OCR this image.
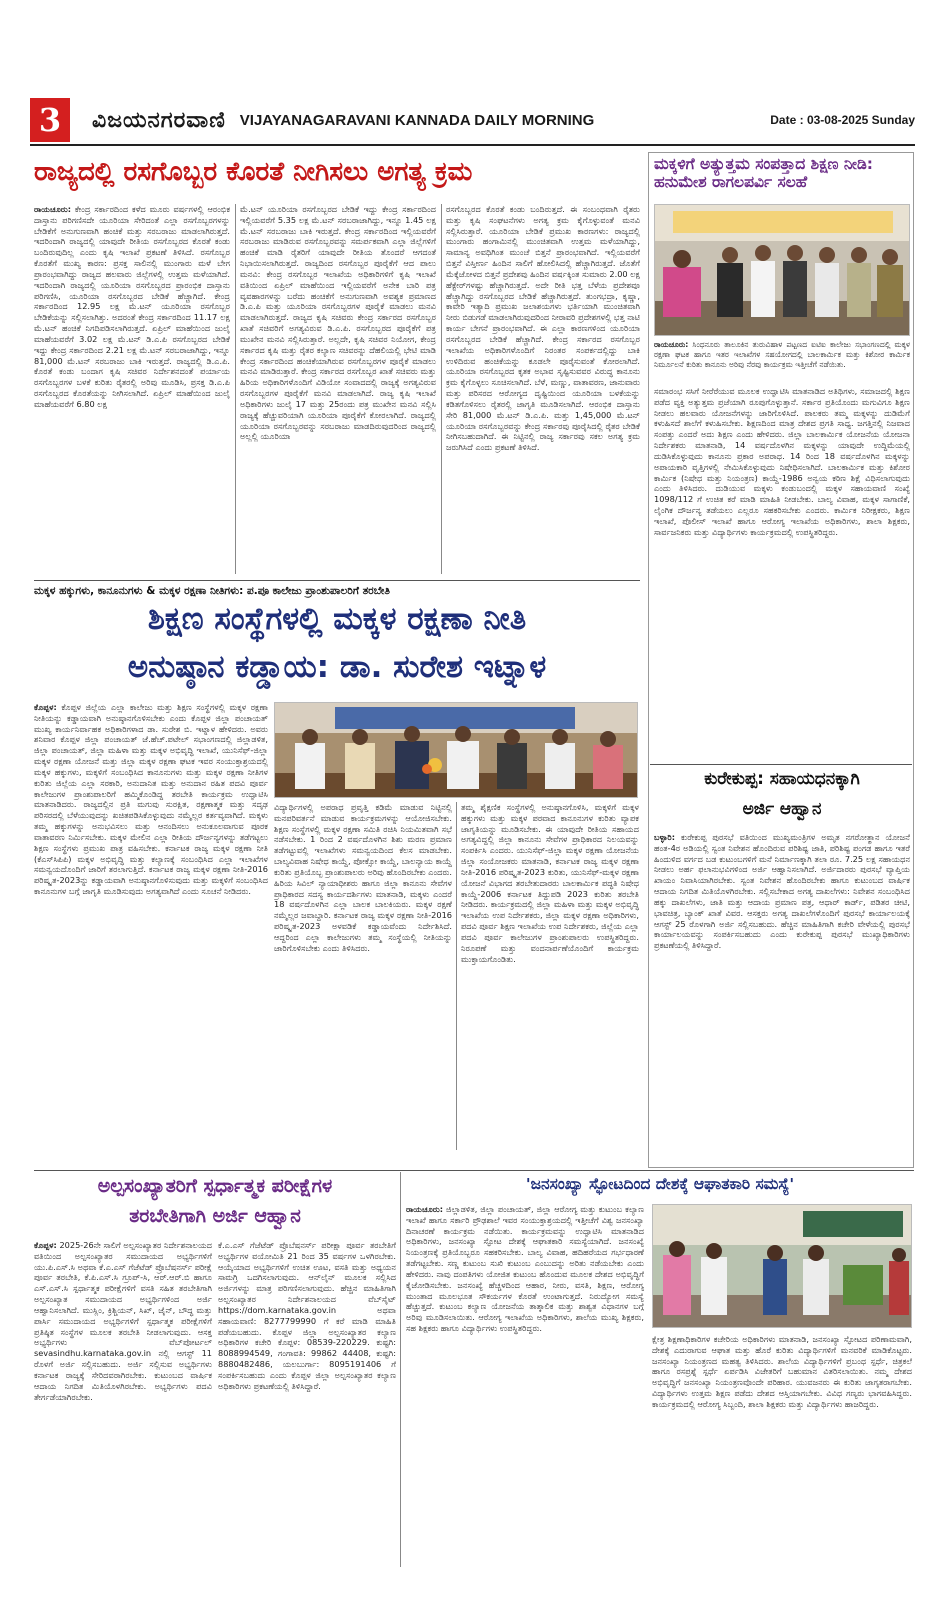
3	ವಿಜಯನಗರವಾಣಿ VIJAYANAGARAVANI KANNADA DAILY MORNING	Date : 03-08-2025 Sunday
ರಾಜ್ಯದಲ್ಲಿ ರಸಗೊಬ್ಬರ ಕೊರತೆ ನೀಗಿಸಲು ಅಗತ್ಯ ಕ್ರಮ
ರಾಯಚೂರು: ಕೇಂದ್ರ ಸರ್ಕಾರದಿಂದ ಕಳೆದ ಮೂರು ವರ್ಷಗಳಲ್ಲಿ ಆರಂಭಿಕ ದಾಸ್ತಾನು ಪರಿಗಣಿಸದೇ ಯೂರಿಯಾ ಸೇರಿದಂತೆ ಎಲ್ಲಾ ರಸಗೊಬ್ಬರಗಳನ್ನು ಬೇಡಿಕೆಗೆ ಅನುಗುಣವಾಗಿ ಹಂಚಿಕೆ ಮತ್ತು ಸರಬರಾಜು ಮಾಡಲಾಗಿರುತ್ತದೆ. ಇದರಿಂದಾಗಿ ರಾಜ್ಯದಲ್ಲಿ ಯಾವುದೇ ರೀತಿಯ ರಸಗೊಬ್ಬರದ ಕೊರತೆ ಕಂಡು ಬಂದಿರುವುದಿಲ್ಲ ಎಂದು ಕೃಷಿ ಇಲಾಖೆ ಪ್ರಕಟಣೆ ತಿಳಿಸಿದೆ. ರಸಗೊಬ್ಬರ ಕೊರತೆಗೆ ಮುಖ್ಯ ಕಾರಣ: ಪ್ರಸಕ್ತ ಸಾಲಿನಲ್ಲಿ ಮುಂಗಾರು ಮಳೆ ಬೇಗ ಪ್ರಾರಂಭವಾಗಿದ್ದು ರಾಜ್ಯದ ಹಲವಾರು ಜಿಲ್ಲೆಗಳಲ್ಲಿ ಉತ್ತಮ ಮಳೆಯಾಗಿದೆ. ಇದರಿಂದಾಗಿ ರಾಜ್ಯದಲ್ಲಿ ಯೂರಿಯಾ ರಸಗೊಬ್ಬರದ ಪ್ರಾರಂಭಿಕ ದಾಸ್ತಾನು ಪರಿಗಣಿಸಿ, ಯೂರಿಯಾ ರಸಗೊಬ್ಬರದ ಬೇಡಿಕೆ ಹೆಚ್ಚಾಗಿದೆ. ಕೇಂದ್ರ ಸರ್ಕಾರದಿಂದ 12.95 ಲಕ್ಷ ಮೆ.ಟನ್ ಯೂರಿಯಾ ರಸಗೊಬ್ಬರ ಬೇಡಿಕೆಯನ್ನು ಸಲ್ಲಿಸಲಾಗಿತ್ತು. ಅದರಂತೆ ಕೇಂದ್ರ ಸರ್ಕಾರದಿಂದ 11.17 ಲಕ್ಷ ಮೆ.ಟನ್ ಹಂಚಿಕೆ ನಿಗದಿಪಡಿಸಲಾಗಿರುತ್ತದೆ. ಏಪ್ರಿಲ್ ಮಾಹೆಯಿಂದ ಜುಲೈ ಮಾಹೆಯವರೆಗೆ 3.02 ಲಕ್ಷ ಮೆ.ಟನ್ ಡಿ.ಎ.ಪಿ ರಸಗೊಬ್ಬರದ ಬೇಡಿಕೆ ಇದ್ದು ಕೇಂದ್ರ ಸರ್ಕಾರದಿಂದ 2.21 ಲಕ್ಷ ಮೆ.ಟನ್ ಸರಬರಾಜಾಗಿದ್ದು, ಇನ್ನೂ 81,000 ಮೆ.ಟನ್ ಸರಬರಾಜು ಬಾಕಿ ಇರುತ್ತದೆ. ರಾಜ್ಯದಲ್ಲಿ ಡಿ.ಎ.ಪಿ. ಕೊರತೆ ಕಂಡು ಬಂದಾಗ ಕೃಷಿ ಸಚಿವರ ನಿರ್ದೇಶನದಂತೆ ಪರ್ಯಾಯ ರಸಗೊಬ್ಬರಗಳ ಬಳಕೆ ಕುರಿತು ರೈತರಲ್ಲಿ ಅರಿವು ಮೂಡಿಸಿ, ಪ್ರಸಕ್ತ ಡಿ.ಎ.ಪಿ ರಸಗೊಬ್ಬರದ ಕೊರತೆಯನ್ನು ನೀಗಿಸಲಾಗಿದೆ. ಏಪ್ರಿಲ್ ಮಾಹೆಯಿಂದ ಜುಲೈ ಮಾಹೆಯವರೆಗೆ 6.80 ಲಕ್ಷ
ಮೆ.ಟನ್ ಯೂರಿಯಾ ರಸಗೊಬ್ಬರದ ಬೇಡಿಕೆ ಇದ್ದು ಕೇಂದ್ರ ಸರ್ಕಾರದಿಂದ ಇಲ್ಲಿಯವರೆಗೆ 5.35 ಲಕ್ಷ ಮೆ.ಟನ್ ಸರಬರಾಜಾಗಿದ್ದು, ಇನ್ನೂ 1.45 ಲಕ್ಷ ಮೆ.ಟನ್ ಸರಬರಾಜು ಬಾಕಿ ಇರುತ್ತದೆ. ಕೇಂದ್ರ ಸರ್ಕಾರದಿಂದ ಇಲ್ಲಿಯವರೆಗೆ ಸರಬರಾಜು ಮಾಡಿರುವ ರಸಗೊಬ್ಬರವನ್ನು ಸಮರ್ಪಕವಾಗಿ ಎಲ್ಲಾ ಜಿಲ್ಲೆಗಳಿಗೆ ಹಂಚಿಕೆ ಮಾಡಿ ರೈತರಿಗೆ ಯಾವುದೇ ರೀತಿಯ ತೊಂದರೆ ಆಗದಂತೆ ನಿಭಾಯಿಸಲಾಗಿರುತ್ತದೆ. ರಾಜ್ಯದಿಂದ ರಸಗೊಬ್ಬರ ಪೂರೈಕೆಗೆ ಆದ ಪಾಲು ಮನವಿ: ಕೇಂದ್ರ ರಸಗೊಬ್ಬರ ಇಲಾಖೆಯ ಅಧಿಕಾರಿಗಳಿಗೆ ಕೃಷಿ ಇಲಾಖೆ ವತಿಯಿಂದ ಏಪ್ರಿಲ್ ಮಾಹೆಯಿಂದ ಇಲ್ಲಿಯವರೆಗೆ ಅನೇಕ ಬಾರಿ ಪತ್ರ ವ್ಯವಹಾರಗಳನ್ನು ಬರೆದು ಹಂಚಿಕೆಗೆ ಅನುಗುಣವಾಗಿ ಅವಶ್ಯಕ ಪ್ರಮಾಣದ ಡಿ.ಎ.ಪಿ ಮತ್ತು ಯೂರಿಯಾ ರಸಗೊಬ್ಬರಗಳ ಪೂರೈಕೆ ಮಾಡಲು ಮನವಿ ಮಾಡಲಾಗಿರುತ್ತದೆ. ರಾಜ್ಯದ ಕೃಷಿ ಸಚಿವರು ಕೇಂದ್ರ ಸರ್ಕಾರದ ರಸಗೊಬ್ಬರ ಖಾತೆ ಸಚಿವರಿಗೆ ಅಗತ್ಯವಿರುವ ಡಿ.ಎ.ಪಿ. ರಸಗೊಬ್ಬರದ ಪೂರೈಕೆಗೆ ಪತ್ರ ಮುಖೇನ ಮನವಿ ಸಲ್ಲಿಸಿರುತ್ತಾರೆ. ಅಲ್ಲದೇ, ಕೃಷಿ ಸಚಿವರ ನಿಯೋಗ, ಕೇಂದ್ರ ಸರ್ಕಾರದ ಕೃಷಿ ಮತ್ತು ರೈತರ ಕಲ್ಯಾಣ ಸಚಿವರನ್ನು ದೆಹಲಿಯಲ್ಲಿ ಭೇಟಿ ಮಾಡಿ ಕೇಂದ್ರ ಸರ್ಕಾರದಿಂದ ಹಂಚಿಕೆಯಾಗಿರುವ ರಸಗೊಬ್ಬರಗಳ ಪೂರೈಕೆ ಮಾಡಲು ಮನವಿ ಮಾಡಿರುತ್ತಾರೆ. ಕೇಂದ್ರ ಸರ್ಕಾರದ ರಸಗೊಬ್ಬರ ಖಾತೆ ಸಚಿವರು ಮತ್ತು ಹಿರಿಯ ಅಧಿಕಾರಿಗಳೊಂದಿಗೆ ವಿಡಿಯೋ ಸಂವಾದದಲ್ಲಿ ರಾಜ್ಯಕ್ಕೆ ಅಗತ್ಯವಿರುವ ರಸಗೊಬ್ಬರಗಳ ಪೂರೈಕೆಗೆ ಮನವಿ ಮಾಡಲಾಗಿದೆ. ರಾಜ್ಯ ಕೃಷಿ ಇಲಾಖೆ ಅಧಿಕಾರಿಗಳು ಜುಲೈ 17 ಮತ್ತು 25ರಂದು ಪತ್ರ ಮುಖೇನ ಮನವಿ ಸಲ್ಲಿಸಿ ರಾಜ್ಯಕ್ಕೆ ಹೆಚ್ಚುವರಿಯಾಗಿ ಯೂರಿಯಾ ಪೂರೈಕೆಗೆ ಕೋರಲಾಗಿದೆ. ರಾಜ್ಯದಲ್ಲಿ ಯೂರಿಯಾ ರಸಗೊಬ್ಬರವನ್ನು ಸರಬರಾಜು ಮಾಡದಿರುವುದರಿಂದ ರಾಜ್ಯದಲ್ಲಿ ಅಲ್ಲಲ್ಲಿ ಯೂರಿಯಾ
ರಸಗೊಬ್ಬರದ ಕೊರತೆ ಕಂಡು ಬಂದಿರುತ್ತದೆ. ಈ ಸಂಬಂಧವಾಗಿ ರೈತರು ಮತ್ತು ಕೃಷಿ ಸಂಘಟನೆಗಳು ಅಗತ್ಯ ಕ್ರಮ ಕೈಗೊಳ್ಳುವಂತೆ ಮನವಿ ಸಲ್ಲಿಸಿರುತ್ತಾರೆ. ಯೂರಿಯಾ ಬೇಡಿಕೆ ಪ್ರಮುಖ ಕಾರಣಗಳು: ರಾಜ್ಯದಲ್ಲಿ ಮುಂಗಾರು ಹಂಗಾಮಿನಲ್ಲಿ ಮುಂಚಿತವಾಗಿ ಉತ್ತಮ ಮಳೆಯಾಗಿದ್ದು, ಸಾಮಾನ್ಯ ಅವಧಿಗಿಂತ ಮುಂಚೆ ಬಿತ್ತನೆ ಪ್ರಾರಂಭವಾಗಿದೆ. ಇಲ್ಲಿಯವರೆಗೆ ಬಿತ್ತನೆ ವಿಸ್ತೀರ್ಣ ಹಿಂದಿನ ಸಾಲಿಗೆ ಹೋಲಿಸಿದಲ್ಲಿ ಹೆಚ್ಚಾಗಿರುತ್ತದೆ. ಜೊತೆಗೆ ಮೆಕ್ಕೆಜೋಳದ ಬಿತ್ತನೆ ಪ್ರದೇಶವು ಹಿಂದಿನ ವರ್ಷಕ್ಕಿಂತ ಸುಮಾರು 2.00 ಲಕ್ಷ ಹೆಕ್ಟೇರ್‌ಗಳಷ್ಟು ಹೆಚ್ಚಾಗಿರುತ್ತದೆ. ಅದೇ ರೀತಿ ಭತ್ತ ಬೆಳೆಯ ಪ್ರದೇಶವೂ ಹೆಚ್ಚಾಗಿದ್ದು ರಸಗೊಬ್ಬರದ ಬೇಡಿಕೆ ಹೆಚ್ಚಾಗಿರುತ್ತದೆ. ತುಂಗಭದ್ರಾ, ಕೃಷ್ಣಾ, ಕಾವೇರಿ ಇತ್ಯಾದಿ ಪ್ರಮುಖ ಜಲಾಶಯಗಳು ಭರ್ತಿಯಾಗಿ ಮುಂಚಿತವಾಗಿ ನೀರು ಬಿಡುಗಡೆ ಮಾಡಲಾಗಿರುವುದರಿಂದ ನೀರಾವರಿ ಪ್ರದೇಶಗಳಲ್ಲಿ ಭತ್ತ ನಾಟಿ ಕಾರ್ಯ ಬೇಗನೆ ಪ್ರಾರಂಭವಾಗಿದೆ. ಈ ಎಲ್ಲಾ ಕಾರಣಗಳಿಂದ ಯೂರಿಯಾ ರಸಗೊಬ್ಬರದ ಬೇಡಿಕೆ ಹೆಚ್ಚಾಗಿದೆ. ಕೇಂದ್ರ ಸರ್ಕಾರದ ರಸಗೊಬ್ಬರ ಇಲಾಖೆಯ ಅಧಿಕಾರಿಗಳೊಂದಿಗೆ ನಿರಂತರ ಸಂಪರ್ಕದಲ್ಲಿದ್ದು ಬಾಕಿ ಉಳಿದಿರುವ ಹಂಚಿಕೆಯನ್ನು ಕೂಡಲೇ ಪೂರೈಸುವಂತೆ ಕೋರಲಾಗಿದೆ. ಯೂರಿಯಾ ರಸಗೊಬ್ಬರದ ಕೃತಕ ಅಭಾವ ಸೃಷ್ಟಿಸುವವರ ವಿರುದ್ಧ ಕಾನೂನು ಕ್ರಮ ಕೈಗೊಳ್ಳಲು ಸೂಚಿಸಲಾಗಿದೆ. ಬೆಳೆ, ಮಣ್ಣು, ವಾತಾವರಣ, ಜಾನುವಾರು ಮತ್ತು ಪರಿಸರದ ಆರೋಗ್ಯದ ದೃಷ್ಟಿಯಿಂದ ಯೂರಿಯಾ ಬಳಕೆಯನ್ನು ಕಡಿತಗೊಳಿಸಲು ರೈತರಲ್ಲಿ ಜಾಗೃತಿ ಮೂಡಿಸಲಾಗಿದೆ. ಆರಂಭಿಕ ದಾಸ್ತಾನು ಸೇರಿ 81,000 ಮೆ.ಟನ್ ಡಿ.ಎ.ಪಿ. ಮತ್ತು 1,45,000 ಮೆ.ಟನ್ ಯೂರಿಯಾ ರಸಗೊಬ್ಬರವನ್ನು ಕೇಂದ್ರ ಸರ್ಕಾರವು ಪೂರೈಸಿದಲ್ಲಿ ರೈತರ ಬೇಡಿಕೆ ನೀಗಿಸಬಹುದಾಗಿದೆ. ಈ ನಿಟ್ಟಿನಲ್ಲಿ ರಾಜ್ಯ ಸರ್ಕಾರವು ಸಕಲ ಅಗತ್ಯ ಕ್ರಮ ಜರುಗಿಸಿದೆ ಎಂದು ಪ್ರಕಟಣೆ ತಿಳಿಸಿದೆ.
ಮಕ್ಕಳಿಗೆ ಅತ್ಯುತ್ತಮ ಸಂಪತ್ತಾದ ಶಿಕ್ಷಣ ನೀಡಿ: ಹನುಮೇಶ ರಾಗಲಪರ್ವಿ ಸಲಹೆ
ರಾಯಚೂರು: ಸಿಂಧನೂರು ತಾಲೂಕಿನ ತುರುವಿಹಾಳ ಪಟ್ಟಣದ ಐಟಿಐ ಕಾಲೇಜು ಸಭಾಂಗಣದಲ್ಲಿ ಮಕ್ಕಳ ರಕ್ಷಣಾ ಘಟಕ ಹಾಗೂ ಇತರ ಇಲಾಖೆಗಳ ಸಹಯೋಗದಲ್ಲಿ ಬಾಲಕಾರ್ಮಿಕ ಮತ್ತು ಕಿಶೋರ ಕಾರ್ಮಿಕ ನಿರ್ಮೂಲನೆ ಕುರಿತು ಕಾನೂನು ಅರಿವು ನೆರವು ಕಾರ್ಯಕ್ರಮ ಇತ್ತೀಚೆಗೆ ನಡೆಯಿತು.
ಸಮಾರಂಭ ಸಸಿಗೆ ನೀರೆರೆಯುವ ಮೂಲಕ ಉದ್ಘಾಟಿಸಿ ಮಾತನಾಡಿದ ಅತಿಥಿಗಳು, ಸಮಾಜದಲ್ಲಿ ಶಿಕ್ಷಣ ಪಡೆದ ವ್ಯಕ್ತಿ ಅತ್ಯುತ್ತಮ ಪ್ರಜೆಯಾಗಿ ರೂಪುಗೊಳ್ಳುತ್ತಾನೆ. ಸರ್ಕಾರ ಪ್ರತಿಯೊಂದು ಮಗುವಿಗೂ ಶಿಕ್ಷಣ ನೀಡಲು ಹಲವಾರು ಯೋಜನೆಗಳನ್ನು ಜಾರಿಗೊಳಿಸಿದೆ. ಪಾಲಕರು ತಮ್ಮ ಮಕ್ಕಳನ್ನು ದುಡಿಮೆಗೆ ಕಳುಹಿಸದೆ ಶಾಲೆಗೆ ಕಳುಹಿಸಬೇಕು. ಶಿಕ್ಷಣದಿಂದ ಮಾತ್ರ ದೇಶದ ಪ್ರಗತಿ ಸಾಧ್ಯ. ಜಗತ್ತಿನಲ್ಲಿ ನಿಜವಾದ ಸಂಪತ್ತು ಎಂದರೆ ಅದು ಶಿಕ್ಷಣ ಎಂದು ಹೇಳಿದರು. ಜಿಲ್ಲಾ ಬಾಲಕಾರ್ಮಿಕ ಯೋಜನೆಯ ಯೋಜನಾ ನಿರ್ದೇಶಕರು ಮಾತನಾಡಿ, 14 ವರ್ಷದೊಳಗಿನ ಮಕ್ಕಳನ್ನು ಯಾವುದೇ ಉದ್ದಿಮೆಯಲ್ಲಿ ದುಡಿಸಿಕೊಳ್ಳುವುದು ಕಾನೂನು ಪ್ರಕಾರ ಅಪರಾಧ. 14 ರಿಂದ 18 ವರ್ಷದೊಳಗಿನ ಮಕ್ಕಳನ್ನು ಅಪಾಯಕಾರಿ ವೃತ್ತಿಗಳಲ್ಲಿ ನೇಮಿಸಿಕೊಳ್ಳುವುದು ನಿಷೇಧಿಸಲಾಗಿದೆ. ಬಾಲಕಾರ್ಮಿಕ ಮತ್ತು ಕಿಶೋರ ಕಾರ್ಮಿಕ (ನಿಷೇಧ ಮತ್ತು ನಿಯಂತ್ರಣ) ಕಾಯ್ದೆ-1986 ಅನ್ವಯ ಕಠಿಣ ಶಿಕ್ಷೆ ವಿಧಿಸಲಾಗುವುದು ಎಂದು ತಿಳಿಸಿದರು. ದುಡಿಯುವ ಮಕ್ಕಳು ಕಂಡುಬಂದಲ್ಲಿ ಮಕ್ಕಳ ಸಹಾಯವಾಣಿ ಸಂಖ್ಯೆ 1098/112 ಗೆ ಉಚಿತ ಕರೆ ಮಾಡಿ ಮಾಹಿತಿ ನೀಡಬೇಕು. ಬಾಲ್ಯ ವಿವಾಹ, ಮಕ್ಕಳ ಸಾಗಾಣಿಕೆ, ಲೈಂಗಿಕ ದೌರ್ಜನ್ಯ ತಡೆಯಲು ಎಲ್ಲರೂ ಸಹಕರಿಸಬೇಕು ಎಂದರು. ಕಾರ್ಮಿಕ ನಿರೀಕ್ಷಕರು, ಶಿಕ್ಷಣ ಇಲಾಖೆ, ಪೊಲೀಸ್ ಇಲಾಖೆ ಹಾಗೂ ಆರೋಗ್ಯ ಇಲಾಖೆಯ ಅಧಿಕಾರಿಗಳು, ಶಾಲಾ ಶಿಕ್ಷಕರು, ಸಾರ್ವಜನಿಕರು ಮತ್ತು ವಿದ್ಯಾರ್ಥಿಗಳು ಕಾರ್ಯಕ್ರಮದಲ್ಲಿ ಉಪಸ್ಥಿತರಿದ್ದರು.
ಮಕ್ಕಳ ಹಕ್ಕುಗಳು, ಕಾನೂನುಗಳು & ಮಕ್ಕಳ ರಕ್ಷಣಾ ನೀತಿಗಳು: ಪ.ಪೂ ಕಾಲೇಜು ಪ್ರಾಂಶುಪಾಲರಿಗೆ ತರಬೇತಿ
ಶಿಕ್ಷಣ ಸಂಸ್ಥೆಗಳಲ್ಲಿ ಮಕ್ಕಳ ರಕ್ಷಣಾ ನೀತಿ
ಅನುಷ್ಠಾನ ಕಡ್ಡಾಯ: ಡಾ. ಸುರೇಶ ಇಟ್ನಾಳ
ಕೊಪ್ಪಳ: ಕೊಪ್ಪಳ ಜಿಲ್ಲೆಯ ಎಲ್ಲಾ ಕಾಲೇಜು ಮತ್ತು ಶಿಕ್ಷಣ ಸಂಸ್ಥೆಗಳಲ್ಲಿ ಮಕ್ಕಳ ರಕ್ಷಣಾ ನೀತಿಯನ್ನು ಕಡ್ಡಾಯವಾಗಿ ಅನುಷ್ಠಾನಗೊಳಿಸಬೇಕು ಎಂದು ಕೊಪ್ಪಳ ಜಿಲ್ಲಾ ಪಂಚಾಯತ್ ಮುಖ್ಯ ಕಾರ್ಯನಿರ್ವಾಹಕ ಅಧಿಕಾರಿಗಳಾದ ಡಾ. ಸುರೇಶ ಬಿ. ಇಟ್ನಾಳ ಹೇಳಿದರು. ಅವರು ಶನಿವಾರ ಕೊಪ್ಪಳ ಜಿಲ್ಲಾ ಪಂಚಾಯತ್ ಜೆ.ಹೆಚ್.ಪಟೇಲ್ ಸಭಾಂಗಣದಲ್ಲಿ ಜಿಲ್ಲಾಡಳಿತ, ಜಿಲ್ಲಾ ಪಂಚಾಯತ್, ಜಿಲ್ಲಾ ಮಹಿಳಾ ಮತ್ತು ಮಕ್ಕಳ ಅಭಿವೃದ್ಧಿ ಇಲಾಖೆ, ಯುನಿಸೆಫ್-ಜಿಲ್ಲಾ ಮಕ್ಕಳ ರಕ್ಷಣಾ ಯೋಜನೆ ಮತ್ತು ಜಿಲ್ಲಾ ಮಕ್ಕಳ ರಕ್ಷಣಾ ಘಟಕ ಇವರ ಸಂಯುಕ್ತಾಶ್ರಯದಲ್ಲಿ ಮಕ್ಕಳ ಹಕ್ಕುಗಳು, ಮಕ್ಕಳಿಗೆ ಸಂಬಂಧಿಸಿದ ಕಾನೂನುಗಳು ಮತ್ತು ಮಕ್ಕಳ ರಕ್ಷಣಾ ನೀತಿಗಳ ಕುರಿತು ಜಿಲ್ಲೆಯ ಎಲ್ಲಾ ಸರಕಾರಿ, ಅನುದಾನಿತ ಮತ್ತು ಅನುದಾನ ರಹಿತ ಪದವಿ ಪೂರ್ವ ಕಾಲೇಜುಗಳ ಪ್ರಾಂಶುಪಾಲರಿಗೆ ಹಮ್ಮಿಕೊಂಡಿದ್ದ ತರಬೇತಿ ಕಾರ್ಯಕ್ರಮ ಉದ್ಘಾಟಿಸಿ ಮಾತನಾಡಿದರು. ರಾಜ್ಯದಲ್ಲಿನ ಪ್ರತಿ ಮಗುವು ಸುರಕ್ಷಿತ, ರಕ್ಷಣಾತ್ಮಕ ಮತ್ತು ಸದೃಢ ಪರಿಸರದಲ್ಲಿ ಬೆಳೆಯುವುದನ್ನು ಖಚಿತಪಡಿಸಿಕೊಳ್ಳುವುದು ನಮ್ಮೆಲ್ಲರ ಕರ್ತವ್ಯವಾಗಿದೆ. ಮಕ್ಕಳು ತಮ್ಮ ಹಕ್ಕುಗಳನ್ನು ಅನುಭವಿಸಲು ಮತ್ತು ಆನಂದಿಸಲು ಅನುಕೂಲವಾಗುವ ಪೂರಕ ವಾತಾವರಣ ನಿರ್ಮಿಸಬೇಕು. ಮಕ್ಕಳ ಮೇಲಿನ ಎಲ್ಲಾ ರೀತಿಯ ದೌರ್ಜನ್ಯಗಳನ್ನು ತಡೆಗಟ್ಟಲು ಶಿಕ್ಷಣ ಸಂಸ್ಥೆಗಳು ಪ್ರಮುಖ ಪಾತ್ರ ವಹಿಸಬೇಕು. ಕರ್ನಾಟಕ ರಾಜ್ಯ ಮಕ್ಕಳ ರಕ್ಷಣಾ ನೀತಿ (ಕೆಎಸ್‌ಸಿಪಿಪಿ) ಮಕ್ಕಳ ಅಭಿವೃದ್ಧಿ ಮತ್ತು ಕಲ್ಯಾಣಕ್ಕೆ ಸಂಬಂಧಿಸಿದ ಎಲ್ಲಾ ಇಲಾಖೆಗಳ ಸಮನ್ವಯದೊಂದಿಗೆ ಜಾರಿಗೆ ತರಲಾಗುತ್ತಿದೆ. ಕರ್ನಾಟಕ ರಾಜ್ಯ ಮಕ್ಕಳ ರಕ್ಷಣಾ ನೀತಿ-2016 ಪರಿಷ್ಕೃತ-2023ನ್ನು ಕಡ್ಡಾಯವಾಗಿ ಅನುಷ್ಠಾನಗೊಳಿಸುವುದು ಮತ್ತು ಮಕ್ಕಳಿಗೆ ಸಂಬಂಧಿಸಿದ ಕಾನೂನುಗಳ ಬಗ್ಗೆ ಜಾಗೃತಿ ಮೂಡಿಸುವುದು ಅಗತ್ಯವಾಗಿದೆ ಎಂದು ಸೂಚನೆ ನೀಡಿದರು.
ವಿದ್ಯಾರ್ಥಿಗಳಲ್ಲಿ ಅಪರಾಧ ಪ್ರವೃತ್ತಿ ಕಡಿಮೆ ಮಾಡುವ ನಿಟ್ಟಿನಲ್ಲಿ ಮನಪರಿವರ್ತನೆ ಮಾಡುವ ಕಾರ್ಯಕ್ರಮಗಳನ್ನು ಆಯೋಜಿಸಬೇಕು. ಶಿಕ್ಷಣ ಸಂಸ್ಥೆಗಳಲ್ಲಿ ಮಕ್ಕಳ ರಕ್ಷಣಾ ಸಮಿತಿ ರಚಿಸಿ ನಿಯಮಿತವಾಗಿ ಸಭೆ ನಡೆಸಬೇಕು. 1 ರಿಂದ 2 ವರ್ಷದೊಳಗಿನ ಶಿಶು ಮರಣ ಪ್ರಮಾಣ ತಡೆಗಟ್ಟುವಲ್ಲಿ ಇಲಾಖೆಗಳು ಸಮನ್ವಯದಿಂದ ಕೆಲಸ ಮಾಡಬೇಕು. ಬಾಲ್ಯವಿವಾಹ ನಿಷೇಧ ಕಾಯ್ದೆ, ಪೋಕ್ಸೋ ಕಾಯ್ದೆ, ಬಾಲನ್ಯಾಯ ಕಾಯ್ದೆ ಕುರಿತು ಪ್ರತಿಯೊಬ್ಬ ಪ್ರಾಂಶುಪಾಲರು ಅರಿವು ಹೊಂದಿರಬೇಕು ಎಂದರು. ಹಿರಿಯ ಸಿವಿಲ್ ನ್ಯಾಯಾಧೀಶರು ಹಾಗೂ ಜಿಲ್ಲಾ ಕಾನೂನು ಸೇವೆಗಳ ಪ್ರಾಧಿಕಾರದ ಸದಸ್ಯ ಕಾರ್ಯದರ್ಶಿಗಳು ಮಾತನಾಡಿ, ಮಕ್ಕಳು ಎಂದರೆ 18 ವರ್ಷದೊಳಗಿನ ಎಲ್ಲಾ ಬಾಲಕ ಬಾಲಕಿಯರು. ಮಕ್ಕಳ ರಕ್ಷಣೆ ನಮ್ಮೆಲ್ಲರ ಜವಾಬ್ದಾರಿ. ಕರ್ನಾಟಕ ರಾಜ್ಯ ಮಕ್ಕಳ ರಕ್ಷಣಾ ನೀತಿ-2016 ಪರಿಷ್ಕೃತ-2023 ಅಳವಡಿಕೆ ಕಡ್ಡಾಯವೆಂದು ನಿರ್ದೇಶಿಸಿದೆ. ಆದ್ದರಿಂದ ಎಲ್ಲಾ ಕಾಲೇಜುಗಳು ತಮ್ಮ ಸಂಸ್ಥೆಯಲ್ಲಿ ನೀತಿಯನ್ನು ಜಾರಿಗೊಳಿಸಬೇಕು ಎಂದು ತಿಳಿಸಿದರು.
ತಮ್ಮ ಶೈಕ್ಷಣಿಕ ಸಂಸ್ಥೆಗಳಲ್ಲಿ ಅನುಷ್ಠಾನಗೊಳಿಸಿ, ಮಕ್ಕಳಿಗೆ ಮಕ್ಕಳ ಹಕ್ಕುಗಳು ಮತ್ತು ಮಕ್ಕಳ ಪರವಾದ ಕಾನೂನುಗಳ ಕುರಿತು ವ್ಯಾಪಕ ಜಾಗೃತಿಯನ್ನು ಮೂಡಿಸಬೇಕು. ಈ ಯಾವುದೇ ರೀತಿಯ ಸಹಾಯದ ಅಗತ್ಯವಿದ್ದಲ್ಲಿ ಜಿಲ್ಲಾ ಕಾನೂನು ಸೇವೆಗಳ ಪ್ರಾಧಿಕಾರದ ನಿಲಯವನ್ನು ಸಂಪರ್ಕಿಸಿ ಎಂದರು. ಯುನಿಸೆಫ್-ಜಿಲ್ಲಾ ಮಕ್ಕಳ ರಕ್ಷಣಾ ಯೋಜನೆಯ ಜಿಲ್ಲಾ ಸಂಯೋಜಕರು ಮಾತನಾಡಿ, ಕರ್ನಾಟಕ ರಾಜ್ಯ ಮಕ್ಕಳ ರಕ್ಷಣಾ ನೀತಿ-2016 ಪರಿಷ್ಕೃತ-2023 ಕುರಿತು, ಯುನಿಸೆಫ್-ಮಕ್ಕಳ ರಕ್ಷಣಾ ಯೋಜನೆ ವಿಭಾಗದ ತರಬೇತುದಾರರು ಬಾಲಕಾರ್ಮಿಕ ಪದ್ಧತಿ ನಿಷೇಧ ಕಾಯ್ದೆ-2006 ಕರ್ನಾಟಕ ತಿದ್ದುಪಡಿ 2023 ಕುರಿತು ತರಬೇತಿ ನೀಡಿದರು. ಕಾರ್ಯಕ್ರಮದಲ್ಲಿ ಜಿಲ್ಲಾ ಮಹಿಳಾ ಮತ್ತು ಮಕ್ಕಳ ಅಭಿವೃದ್ಧಿ ಇಲಾಖೆಯ ಉಪ ನಿರ್ದೇಶಕರು, ಜಿಲ್ಲಾ ಮಕ್ಕಳ ರಕ್ಷಣಾ ಅಧಿಕಾರಿಗಳು, ಪದವಿ ಪೂರ್ವ ಶಿಕ್ಷಣ ಇಲಾಖೆಯ ಉಪ ನಿರ್ದೇಶಕರು, ಜಿಲ್ಲೆಯ ಎಲ್ಲಾ ಪದವಿ ಪೂರ್ವ ಕಾಲೇಜುಗಳ ಪ್ರಾಂಶುಪಾಲರು ಉಪಸ್ಥಿತರಿದ್ದರು. ನಿರೂಪಣೆ ಮತ್ತು ವಂದನಾರ್ಪಣೆಯೊಂದಿಗೆ ಕಾರ್ಯಕ್ರಮ ಮುಕ್ತಾಯಗೊಂಡಿತು.
ಕುರೇಕುಪ್ಪ: ಸಹಾಯಧನಕ್ಕಾಗಿ
ಅರ್ಜಿ ಆಹ್ವಾನ
ಬಳ್ಳಾರಿ: ಕುರೇಕುಪ್ಪ ಪುರಸಭೆ ವತಿಯಿಂದ ಮುಖ್ಯಮಂತ್ರಿಗಳ ಅಮೃತ ನಗರೋತ್ಥಾನ ಯೋಜನೆ ಹಂತ-4ರ ಅಡಿಯಲ್ಲಿ ಸ್ವಂತ ನಿವೇಶನ ಹೊಂದಿರುವ ಪರಿಶಿಷ್ಟ ಜಾತಿ, ಪರಿಶಿಷ್ಟ ಪಂಗಡ ಹಾಗೂ ಇತರೆ ಹಿಂದುಳಿದ ವರ್ಗದ ಬಡ ಕುಟುಂಬಗಳಿಗೆ ಮನೆ ನಿರ್ಮಾಣಕ್ಕಾಗಿ ತಲಾ ರೂ. 7.25 ಲಕ್ಷ ಸಹಾಯಧನ ನೀಡಲು ಅರ್ಹ ಫಲಾನುಭವಿಗಳಿಂದ ಅರ್ಜಿ ಆಹ್ವಾನಿಸಲಾಗಿದೆ. ಅರ್ಜಿದಾರರು ಪುರಸಭೆ ವ್ಯಾಪ್ತಿಯ ಖಾಯಂ ನಿವಾಸಿಯಾಗಿರಬೇಕು. ಸ್ವಂತ ನಿವೇಶನ ಹೊಂದಿರಬೇಕು ಹಾಗೂ ಕುಟುಂಬದ ವಾರ್ಷಿಕ ಆದಾಯ ನಿಗದಿತ ಮಿತಿಯೊಳಗಿರಬೇಕು. ಸಲ್ಲಿಸಬೇಕಾದ ಅಗತ್ಯ ದಾಖಲೆಗಳು: ನಿವೇಶನ ಸಂಬಂಧಿಸಿದ ಹಕ್ಕು ದಾಖಲೆಗಳು, ಜಾತಿ ಮತ್ತು ಆದಾಯ ಪ್ರಮಾಣ ಪತ್ರ, ಆಧಾರ್ ಕಾರ್ಡ್, ಪಡಿತರ ಚೀಟಿ, ಭಾವಚಿತ್ರ, ಬ್ಯಾಂಕ್ ಖಾತೆ ವಿವರ. ಆಸಕ್ತರು ಅಗತ್ಯ ದಾಖಲೆಗಳೊಂದಿಗೆ ಪುರಸಭೆ ಕಾರ್ಯಾಲಯಕ್ಕೆ ಆಗಸ್ಟ್ 25 ರೊಳಗಾಗಿ ಅರ್ಜಿ ಸಲ್ಲಿಸಬಹುದು. ಹೆಚ್ಚಿನ ಮಾಹಿತಿಗಾಗಿ ಕಚೇರಿ ವೇಳೆಯಲ್ಲಿ ಪುರಸಭೆ ಕಾರ್ಯಾಲಯವನ್ನು ಸಂಪರ್ಕಿಸಬಹುದು ಎಂದು ಕುರೇಕುಪ್ಪ ಪುರಸಭೆ ಮುಖ್ಯಾಧಿಕಾರಿಗಳು ಪ್ರಕಟಣೆಯಲ್ಲಿ ತಿಳಿಸಿದ್ದಾರೆ.
ಅಲ್ಪಸಂಖ್ಯಾತರಿಗೆ ಸ್ಪರ್ಧಾತ್ಮಕ ಪರೀಕ್ಷೆಗಳ
ತರಬೇತಿಗಾಗಿ ಅರ್ಜಿ ಆಹ್ವಾನ
ಕೊಪ್ಪಳ: 2025-26ನೇ ಸಾಲಿಗೆ ಅಲ್ಪಸಂಖ್ಯಾತರ ನಿರ್ದೇಶನಾಲಯದ ವತಿಯಿಂದ ಅಲ್ಪಸಂಖ್ಯಾತರ ಸಮುದಾಯದ ಅಭ್ಯರ್ಥಿಗಳಿಗೆ ಯು.ಪಿ.ಎಸ್.ಸಿ ಅಥವಾ ಕೆ.ಎ.ಎಸ್ ಗೆಜೆಟೆಡ್ ಪ್ರೊಬೆಷನರ್ಸ್ ಪರೀಕ್ಷೆ ಪೂರ್ವ ತರಬೇತಿ, ಕೆ.ಪಿ.ಎಸ್.ಸಿ ಗ್ರೂಪ್-ಸಿ, ಆರ್.ಆರ್.ಬಿ ಹಾಗೂ ಎಸ್.ಎಸ್.ಸಿ ಸ್ಪರ್ಧಾತ್ಮಕ ಪರೀಕ್ಷೆಗಳಿಗೆ ವಸತಿ ಸಹಿತ ತರಬೇತಿಗಾಗಿ ಅಲ್ಪಸಂಖ್ಯಾತ ಸಮುದಾಯದ ಅಭ್ಯರ್ಥಿಗಳಿಂದ ಅರ್ಜಿ ಆಹ್ವಾನಿಸಲಾಗಿದೆ. ಮುಸ್ಲಿಂ, ಕ್ರಿಶ್ಚಿಯನ್, ಸಿಖ್, ಜೈನ್, ಬೌದ್ಧ ಮತ್ತು ಪಾರ್ಸಿ ಸಮುದಾಯದ ಅಭ್ಯರ್ಥಿಗಳಿಗೆ ಸ್ಪರ್ಧಾತ್ಮಕ ಪರೀಕ್ಷೆಗಳಿಗೆ ಪ್ರತಿಷ್ಠಿತ ಸಂಸ್ಥೆಗಳ ಮೂಲಕ ತರಬೇತಿ ನೀಡಲಾಗುವುದು. ಆಸಕ್ತ ಅಭ್ಯರ್ಥಿಗಳು ವೆಬ್‌ಪೋರ್ಟಲ್ sevasindhu.karnataka.gov.in ನಲ್ಲಿ ಆಗಸ್ಟ್ 11 ರೊಳಗೆ ಅರ್ಜಿ ಸಲ್ಲಿಸಬಹುದು. ಅರ್ಜಿ ಸಲ್ಲಿಸುವ ಅಭ್ಯರ್ಥಿಗಳು ಕರ್ನಾಟಕ ರಾಜ್ಯಕ್ಕೆ ಸೇರಿದವರಾಗಿರಬೇಕು. ಕುಟುಂಬದ ವಾರ್ಷಿಕ ಆದಾಯ ನಿಗದಿತ ಮಿತಿಯೊಳಗಿರಬೇಕು. ಅಭ್ಯರ್ಥಿಗಳು ಪದವಿ ತೇರ್ಗಡೆಯಾಗಿರಬೇಕು.
ಕೆ.ಎ.ಎಸ್ ಗೆಜೆಟೆಡ್ ಪ್ರೊಬೆಷನರ್ಸ್ ಪರೀಕ್ಷಾ ಪೂರ್ವ ತರಬೇತಿಗೆ ಅಭ್ಯರ್ಥಿಗಳ ವಯೋಮಿತಿ 21 ರಿಂದ 35 ವರ್ಷಗಳ ಒಳಗಿರಬೇಕು. ಆಯ್ಕೆಯಾದ ಅಭ್ಯರ್ಥಿಗಳಿಗೆ ಉಚಿತ ಊಟ, ವಸತಿ ಮತ್ತು ಅಧ್ಯಯನ ಸಾಮಗ್ರಿ ಒದಗಿಸಲಾಗುವುದು. ಆನ್‌ಲೈನ್ ಮೂಲಕ ಸಲ್ಲಿಸಿದ ಅರ್ಜಿಗಳನ್ನು ಮಾತ್ರ ಪರಿಗಣಿಸಲಾಗುವುದು. ಹೆಚ್ಚಿನ ಮಾಹಿತಿಗಾಗಿ ಅಲ್ಪಸಂಖ್ಯಾತರ ನಿರ್ದೇಶನಾಲಯದ ವೆಬ್‌ಸೈಟ್ https://dom.karnataka.gov.in ಅಥವಾ ಸಹಾಯವಾಣಿ: 8277799990 ಗೆ ಕರೆ ಮಾಡಿ ಮಾಹಿತಿ ಪಡೆಯಬಹುದು. ಕೊಪ್ಪಳ ಜಿಲ್ಲಾ ಅಲ್ಪಸಂಖ್ಯಾತರ ಕಲ್ಯಾಣ ಅಧಿಕಾರಿಗಳ ಕಚೇರಿ ಕೊಪ್ಪಳ: 08539-220229. ಕುಷ್ಟಗಿ: 8088994549, ಗಂಗಾವತಿ: 99862 44408, ಕುಷ್ಟಗಿ: 8880482486, ಯಲಬುರ್ಗಾ: 8095191406 ಗೆ ಸಂಪರ್ಕಿಸಬಹುದು ಎಂದು ಕೊಪ್ಪಳ ಜಿಲ್ಲಾ ಅಲ್ಪಸಂಖ್ಯಾತರ ಕಲ್ಯಾಣ ಅಧಿಕಾರಿಗಳು ಪ್ರಕಟಣೆಯಲ್ಲಿ ತಿಳಿಸಿದ್ದಾರೆ.
'ಜನಸಂಖ್ಯಾ ಸ್ಫೋಟದಿಂದ ದೇಶಕ್ಕೆ ಆಘಾತಕಾರಿ ಸಮಸ್ಯೆ'
ರಾಯಚೂರು: ಜಿಲ್ಲಾಡಳಿತ, ಜಿಲ್ಲಾ ಪಂಚಾಯತ್, ಜಿಲ್ಲಾ ಆರೋಗ್ಯ ಮತ್ತು ಕುಟುಂಬ ಕಲ್ಯಾಣ ಇಲಾಖೆ ಹಾಗೂ ಸರ್ಕಾರಿ ಪ್ರೌಢಶಾಲೆ ಇವರ ಸಂಯುಕ್ತಾಶ್ರಯದಲ್ಲಿ ಇತ್ತೀಚೆಗೆ ವಿಶ್ವ ಜನಸಂಖ್ಯಾ ದಿನಾಚರಣೆ ಕಾರ್ಯಕ್ರಮ ನಡೆಯಿತು. ಕಾರ್ಯಕ್ರಮವನ್ನು ಉದ್ಘಾಟಿಸಿ ಮಾತನಾಡಿದ ಅಧಿಕಾರಿಗಳು, ಜನಸಂಖ್ಯಾ ಸ್ಫೋಟ ದೇಶಕ್ಕೆ ಆಘಾತಕಾರಿ ಸಮಸ್ಯೆಯಾಗಿದೆ. ಜನಸಂಖ್ಯೆ ನಿಯಂತ್ರಣಕ್ಕೆ ಪ್ರತಿಯೊಬ್ಬರೂ ಸಹಕರಿಸಬೇಕು. ಬಾಲ್ಯ ವಿವಾಹ, ಹದಿಹರೆಯದ ಗರ್ಭಧಾರಣೆ ತಡೆಗಟ್ಟಬೇಕು. ಸಣ್ಣ ಕುಟುಂಬ ಸುಖಿ ಕುಟುಂಬ ಎಂಬುದನ್ನು ಅರಿತು ನಡೆಯಬೇಕು ಎಂದು ಹೇಳಿದರು. ನಾವು ದಂಪತಿಗಳು ಯೋಜಿತ ಕುಟುಂಬ ಹೊಂದುವ ಮೂಲಕ ದೇಶದ ಅಭಿವೃದ್ಧಿಗೆ ಕೈಜೋಡಿಸಬೇಕು. ಜನಸಂಖ್ಯೆ ಹೆಚ್ಚಳದಿಂದ ಆಹಾರ, ನೀರು, ವಸತಿ, ಶಿಕ್ಷಣ, ಆರೋಗ್ಯ ಮುಂತಾದ ಮೂಲಭೂತ ಸೌಕರ್ಯಗಳ ಕೊರತೆ ಉಂಟಾಗುತ್ತದೆ. ನಿರುದ್ಯೋಗ ಸಮಸ್ಯೆ ಹೆಚ್ಚುತ್ತದೆ. ಕುಟುಂಬ ಕಲ್ಯಾಣ ಯೋಜನೆಯ ತಾತ್ಕಾಲಿಕ ಮತ್ತು ಶಾಶ್ವತ ವಿಧಾನಗಳ ಬಗ್ಗೆ ಅರಿವು ಮೂಡಿಸಲಾಯಿತು. ಆರೋಗ್ಯ ಇಲಾಖೆಯ ಅಧಿಕಾರಿಗಳು, ಶಾಲೆಯ ಮುಖ್ಯ ಶಿಕ್ಷಕರು, ಸಹ ಶಿಕ್ಷಕರು ಹಾಗೂ ವಿದ್ಯಾರ್ಥಿಗಳು ಉಪಸ್ಥಿತರಿದ್ದರು.
ಕ್ಷೇತ್ರ ಶಿಕ್ಷಣಾಧಿಕಾರಿಗಳ ಕಚೇರಿಯ ಅಧಿಕಾರಿಗಳು ಮಾತನಾಡಿ, ಜನಸಂಖ್ಯಾ ಸ್ಫೋಟದ ಪರಿಣಾಮವಾಗಿ, ದೇಶಕ್ಕೆ ಎದುರಾಗುವ ಆಘಾತ ಮತ್ತು ಹೊರೆ ಕುರಿತು ವಿದ್ಯಾರ್ಥಿಗಳಿಗೆ ಮನವರಿಕೆ ಮಾಡಿಕೊಟ್ಟರು. ಜನಸಂಖ್ಯಾ ನಿಯಂತ್ರಣದ ಮಹತ್ವ ತಿಳಿಸಿದರು. ಶಾಲೆಯ ವಿದ್ಯಾರ್ಥಿಗಳಿಗೆ ಪ್ರಬಂಧ ಸ್ಪರ್ಧೆ, ಚಿತ್ರಕಲೆ ಹಾಗೂ ರಸಪ್ರಶ್ನೆ ಸ್ಪರ್ಧೆ ಏರ್ಪಡಿಸಿ ವಿಜೇತರಿಗೆ ಬಹುಮಾನ ವಿತರಿಸಲಾಯಿತು. ನಮ್ಮ ದೇಶದ ಅಭಿವೃದ್ಧಿಗೆ ಜನಸಂಖ್ಯಾ ನಿಯಂತ್ರಣವೊಂದೇ ಪರಿಹಾರ. ಯುವಜನರು ಈ ಕುರಿತು ಜಾಗೃತರಾಗಬೇಕು. ವಿದ್ಯಾರ್ಥಿಗಳು ಉತ್ತಮ ಶಿಕ್ಷಣ ಪಡೆದು ದೇಶದ ಆಸ್ತಿಯಾಗಬೇಕು. ವಿವಿಧ ಗಣ್ಯರು ಭಾಗವಹಿಸಿದ್ದರು. ಕಾರ್ಯಕ್ರಮದಲ್ಲಿ ಆರೋಗ್ಯ ಸಿಬ್ಬಂದಿ, ಶಾಲಾ ಶಿಕ್ಷಕರು ಮತ್ತು ವಿದ್ಯಾರ್ಥಿಗಳು ಹಾಜರಿದ್ದರು.
